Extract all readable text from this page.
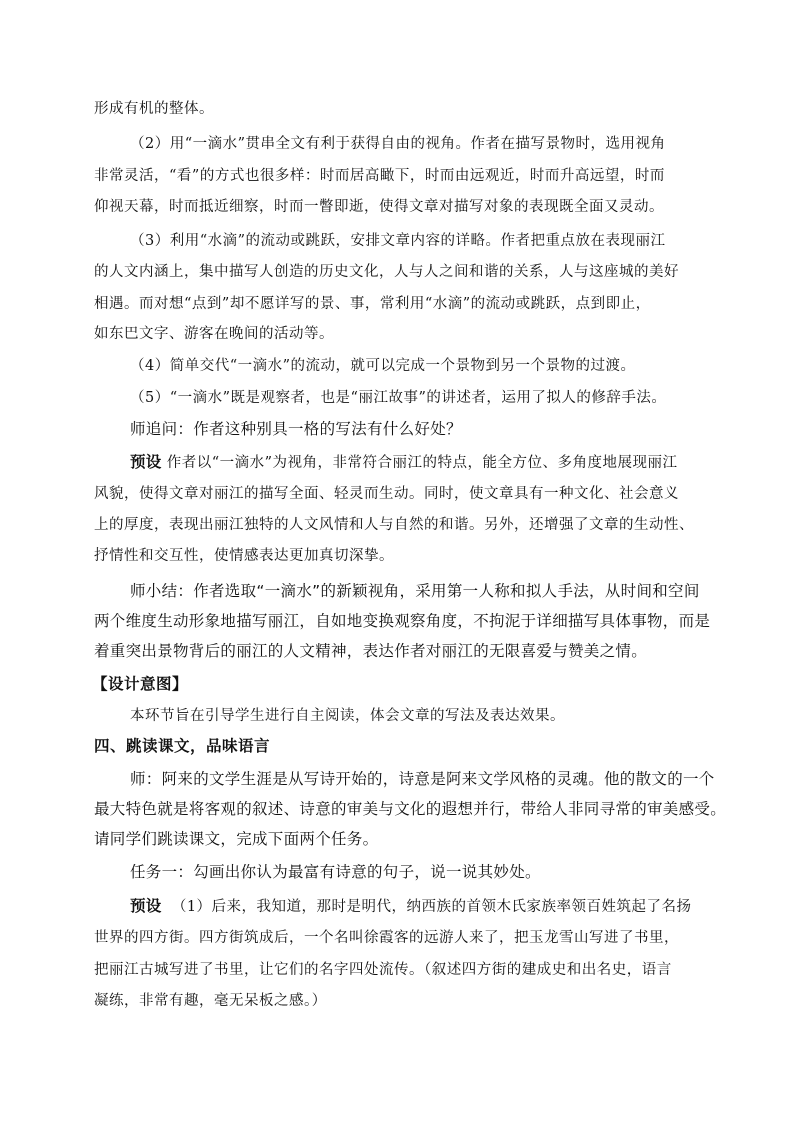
形成有机的整体。
（2）用“一滴水”贯串全文有利于获得自由的视角。作者在描写景物时，选用视角
非常灵活，“看”的方式也很多样：时而居高瞰下，时而由远观近，时而升高远望，时而
仰视天幕，时而抵近细察，时而一瞥即逝，使得文章对描写对象的表现既全面又灵动。
（3）利用“水滴”的流动或跳跃，安排文章内容的详略。作者把重点放在表现丽江
的人文内涵上，集中描写人创造的历史文化，人与人之间和谐的关系，人与这座城的美好
相遇。而对想“点到”却不愿详写的景、事，常利用“水滴”的流动或跳跃，点到即止，
如东巴文字、游客在晚间的活动等。
（4）简单交代“一滴水”的流动，就可以完成一个景物到另一个景物的过渡。
（5）“一滴水”既是观察者，也是“丽江故事”的讲述者，运用了拟人的修辞手法。
师追问：作者这种别具一格的写法有什么好处？
预设 作者以“一滴水”为视角，非常符合丽江的特点，能全方位、多角度地展现丽江
风貌，使得文章对丽江的描写全面、轻灵而生动。同时，使文章具有一种文化、社会意义
上的厚度，表现出丽江独特的人文风情和人与自然的和谐。另外，还增强了文章的生动性、
抒情性和交互性，使情感表达更加真切深挚。
师小结：作者选取“一滴水”的新颖视角，采用第一人称和拟人手法，从时间和空间
两个维度生动形象地描写丽江，自如地变换观察角度，不拘泥于详细描写具体事物，而是
着重突出景物背后的丽江的人文精神，表达作者对丽江的无限喜爱与赞美之情。
【设计意图】
本环节旨在引导学生进行自主阅读，体会文章的写法及表达效果。
四、跳读课文，品味语言
师：阿来的文学生涯是从写诗开始的，诗意是阿来文学风格的灵魂。他的散文的一个
最大特色就是将客观的叙述、诗意的审美与文化的遐想并行，带给人非同寻常的审美感受。
请同学们跳读课文，完成下面两个任务。
任务一：勾画出你认为最富有诗意的句子，说一说其妙处。
预设 （1）后来，我知道，那时是明代，纳西族的首领木氏家族率领百姓筑起了名扬
世界的四方街。四方街筑成后，一个名叫徐霞客的远游人来了，把玉龙雪山写进了书里，
把丽江古城写进了书里，让它们的名字四处流传。（叙述四方街的建成史和出名史，语言
凝练，非常有趣，毫无呆板之感。）
